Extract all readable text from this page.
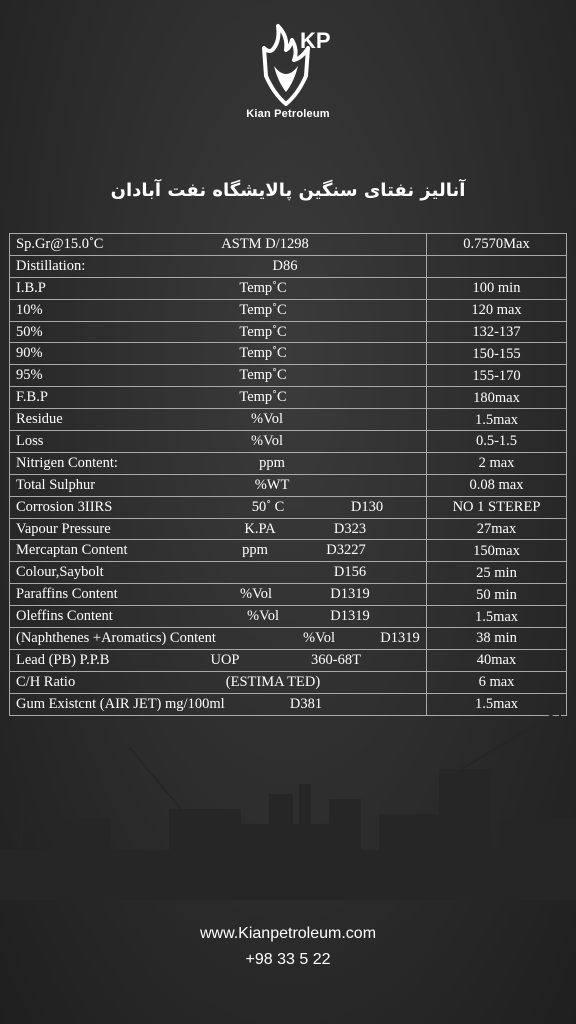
KP
Kian Petroleum
آنالیز نفتای سنگین پالایشگاه نفت آبادان
Sp.Gr@15.0˚C ASTM D/1298	0.7570Max

Distillation: D86	

I.B.P Temp˚C	100 min

10% Temp˚C	120 max

50% Temp˚C	132-137

90% Temp˚C	150-155

95% Temp˚C	155-170

F.B.P Temp˚C	180max

Residue %Vol	1.5max

Loss %Vol	0.5-1.5

Nitrigen Content: ppm	2 max

Total Sulphur %WT	0.08 max

Corrosion 3IIRS 50˚ C D130	NO 1 STEREP

Vapour Pressure K.PA D323	27max

Mercaptan Content ppm D3227	150max

Colour,Saybolt D156	25 min

Paraffins Content %Vol D1319	50 min

Oleffins Content %Vol D1319	1.5max

(Naphthenes +Aromatics) Content %Vol D1319	38 min

Lead (PB) P.P.B UOP 360-68T	40max

C/H Ratio (ESTIMA TED)	6 max

Gum Existcnt (AIR JET) mg/100ml D381	1.5max
www.Kianpetroleum.com
+98 33 5 22
